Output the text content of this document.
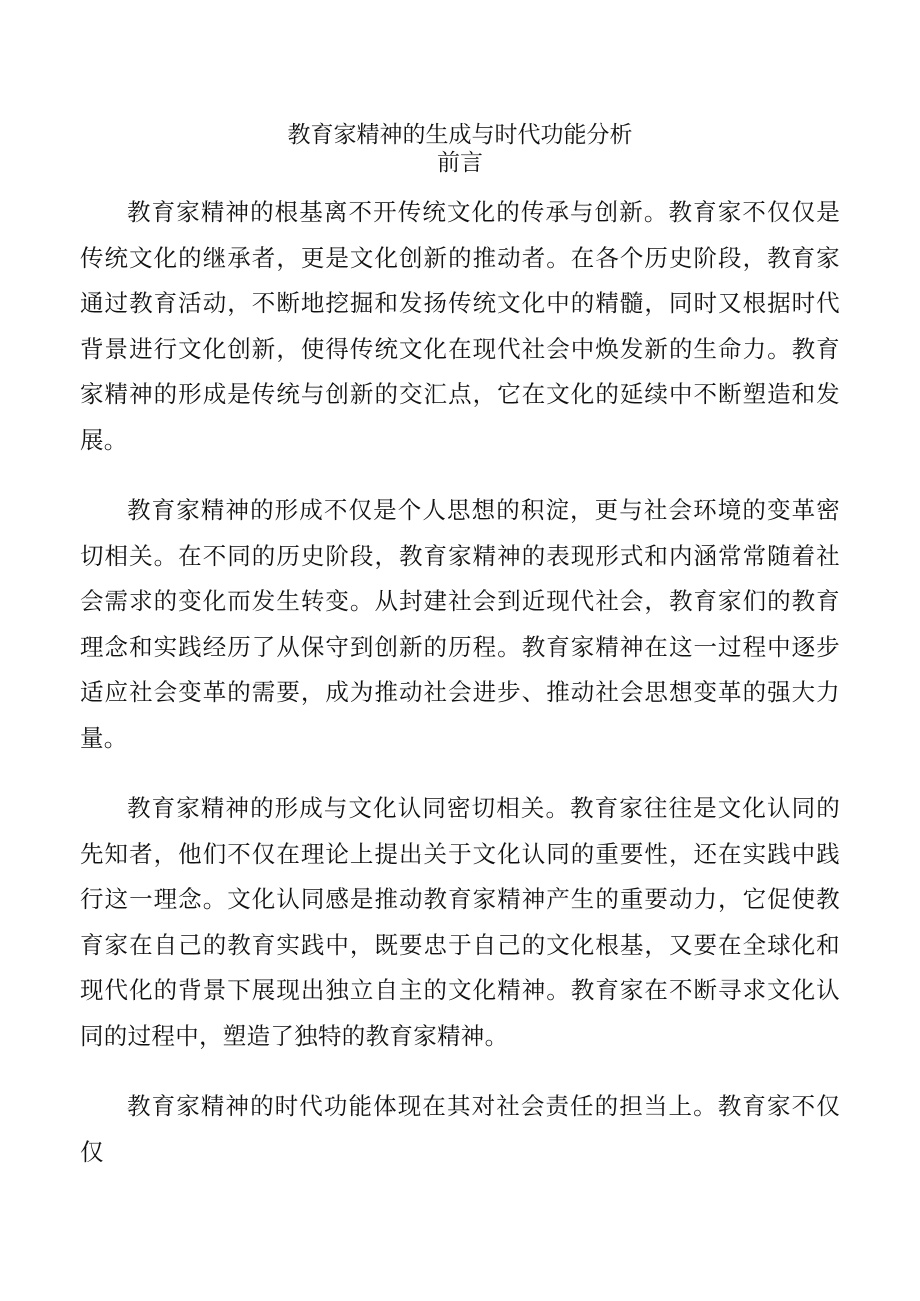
教育家精神的生成与时代功能分析
前言

教育家精神的根基离不开传统文化的传承与创新。教育家不仅仅是传统文化的继承者，更是文化创新的推动者。在各个历史阶段，教育家通过教育活动，不断地挖掘和发扬传统文化中的精髓，同时又根据时代背景进行文化创新，使得传统文化在现代社会中焕发新的生命力。教育家精神的形成是传统与创新的交汇点，它在文化的延续中不断塑造和发展。

教育家精神的形成不仅是个人思想的积淀，更与社会环境的变革密切相关。在不同的历史阶段，教育家精神的表现形式和内涵常常随着社会需求的变化而发生转变。从封建社会到近现代社会，教育家们的教育理念和实践经历了从保守到创新的历程。教育家精神在这一过程中逐步适应社会变革的需要，成为推动社会进步、推动社会思想变革的强大力量。

教育家精神的形成与文化认同密切相关。教育家往往是文化认同的先知者，他们不仅在理论上提出关于文化认同的重要性，还在实践中践行这一理念。文化认同感是推动教育家精神产生的重要动力，它促使教育家在自己的教育实践中，既要忠于自己的文化根基，又要在全球化和现代化的背景下展现出独立自主的文化精神。教育家在不断寻求文化认同的过程中，塑造了独特的教育家精神。

教育家精神的时代功能体现在其对社会责任的担当上。教育家不仅仅
